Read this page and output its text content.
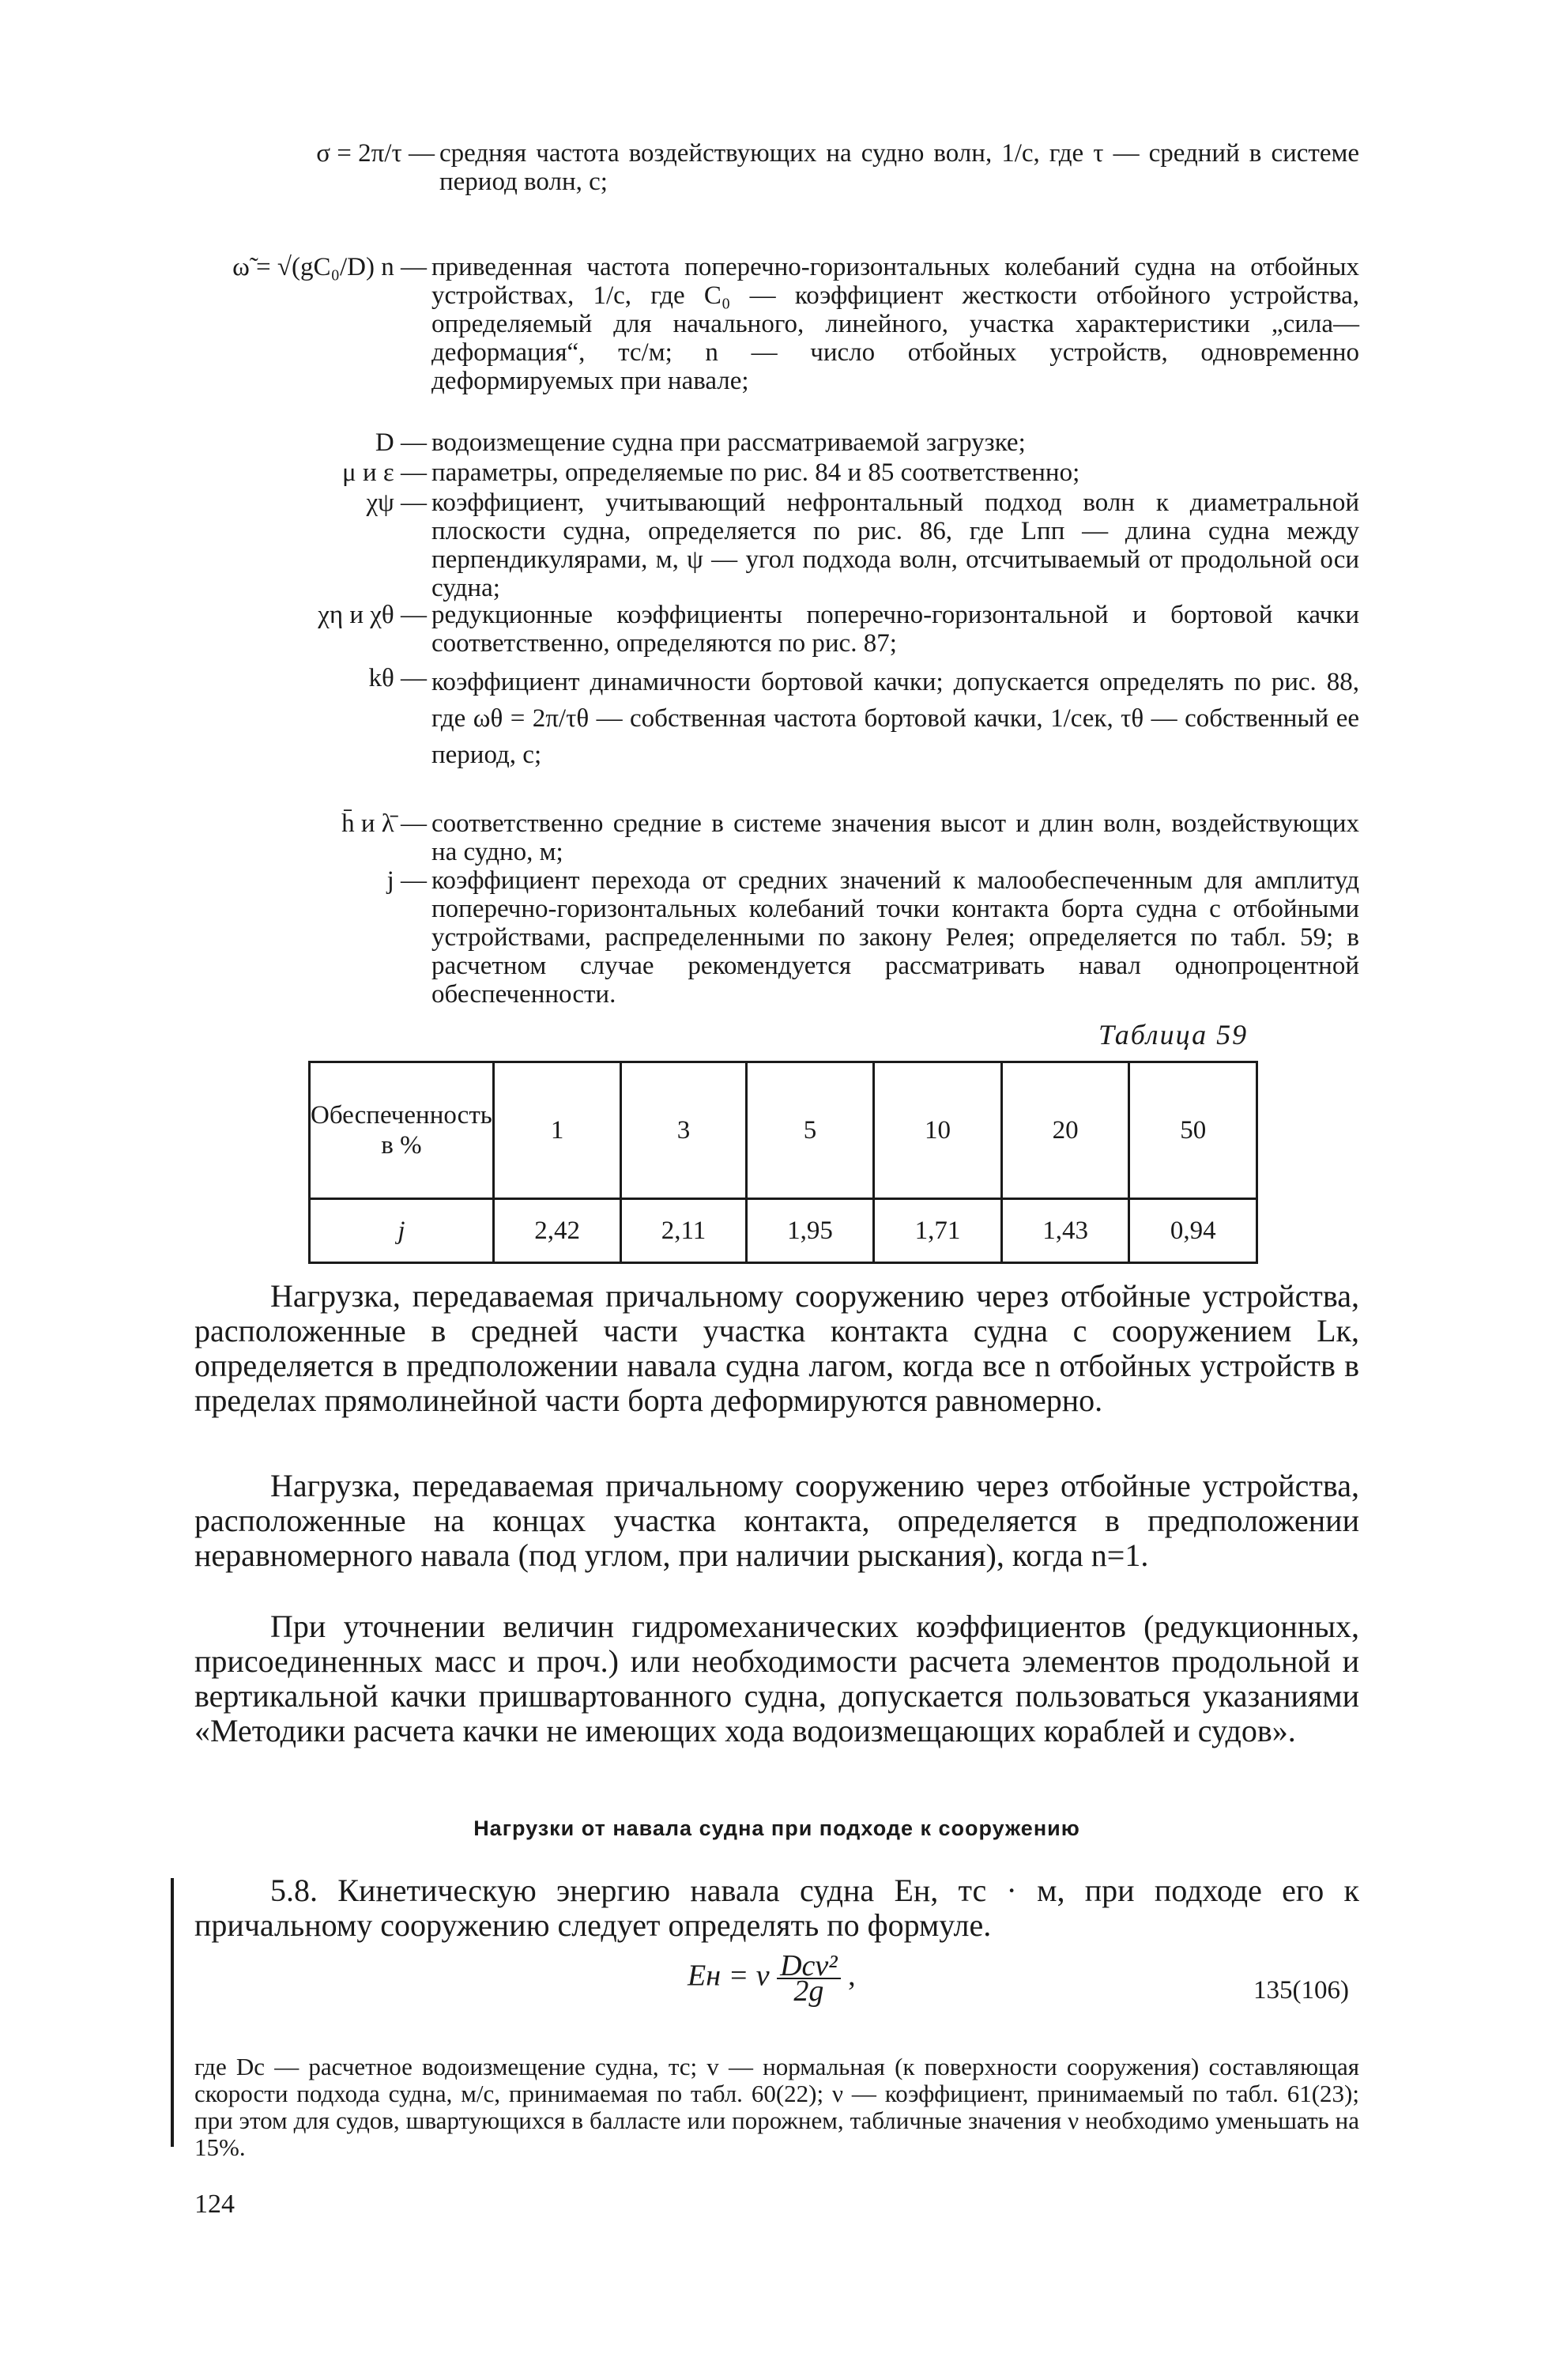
σ = 2π/τ — средняя частота воздействующих на судно волн, 1/с, где τ — средний в системе период волн, с;
ω̃ = √(gC₀/D) n — приведенная частота поперечно-горизонтальных колебаний судна на отбойных устройствах, 1/с, где C₀ — коэффициент жесткости отбойного устройства, определяемый для начального, линейного, участка характеристики „сила—деформация“, тс/м; n — число отбойных устройств, одновременно деформируемых при навале;
D — водоизмещение судна при рассматриваемой загрузке;
μ и ε — параметры, определяемые по рис. 84 и 85 соответственно;
χψ — коэффициент, учитывающий нефронтальный подход волн к диаметральной плоскости судна, определяется по рис. 86, где Lпп — длина судна между перпендикулярами, м, ψ — угол подхода волн, отсчитываемый от продольной оси судна;
χη и χθ — редукционные коэффициенты поперечно-горизонтальной и бортовой качки соответственно, определяются по рис. 87;
kθ — коэффициент динамичности бортовой качки; допускается определять по рис. 88, где ωθ = 2π/τθ — собственная частота бортовой качки, 1/сек, τθ — собственный ее период, с;
h̄ и λ̄ — соответственно средние в системе значения высот и длин волн, воздействующих на судно, м;
j — коэффициент перехода от средних значений к малообеспеченным для амплитуд поперечно-горизонтальных колебаний точки контакта борта судна с отбойными устройствами, распределенными по закону Релея; определяется по табл. 59; в расчетном случае рекомендуется рассматривать навал однопроцентной обеспеченности.
Таблица 59
Обеспеченность в %	1	3	5	10	20	50
j	2,42	2,11	1,95	1,71	1,43	0,94

Нагрузка, передаваемая причальному сооружению через отбойные устройства, расположенные в средней части участка контакта судна с сооружением Lк, определяется в предположении навала судна лагом, когда все n отбойных устройств в пределах прямолинейной части борта деформируются равномерно.

Нагрузка, передаваемая причальному сооружению через отбойные устройства, расположенные на концах участка контакта, определяется в предположении неравномерного навала (под углом, при наличии рыскания), когда n=1.

При уточнении величин гидромеханических коэффициентов (редукционных, присоединенных масс и проч.) или необходимости расчета элементов продольной и вертикальной качки пришвартованного судна, допускается пользоваться указаниями «Методики расчета качки не имеющих хода водоизмещающих кораблей и судов».

Нагрузки от навала судна при подходе к сооружению

5.8. Кинетическую энергию навала судна Eн, тс · м, при подходе его к причальному сооружению следует определять по формуле.

Eн = ν $\frac{\text{Dcv²}}{2g}$ ,	135(106)

где Dc — расчетное водоизмещение судна, тс; v — нормальная (к поверхности сооружения) составляющая скорости подхода судна, м/с, принимаемая по табл. 60(22); ν — коэффициент, принимаемый по табл. 61(23); при этом для судов, швартующихся в балласте или порожнем, табличные значения ν необходимо уменьшать на 15%.

124
